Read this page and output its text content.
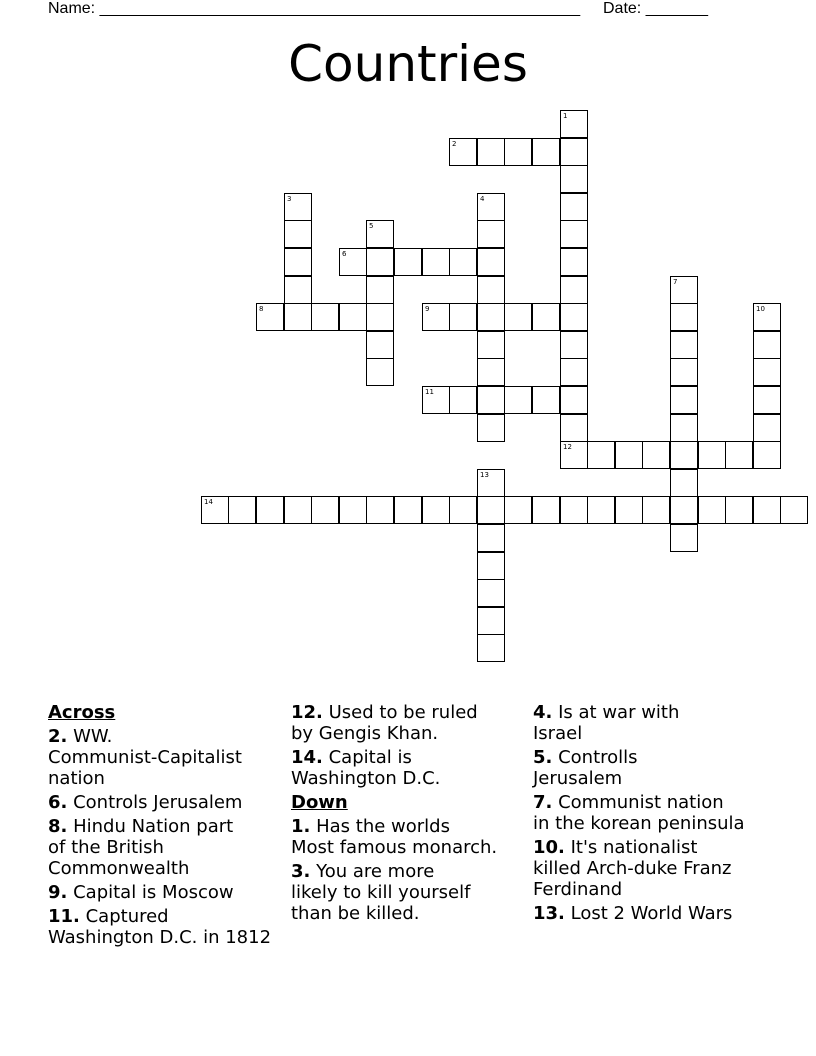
Name: ______________________________________________________ Date: _______
Countries
1
2
3	4
5
6
7
8	9	10
11
12
13
14
Across
2. WW.
Communist-Capitalist
nation
6. Controls Jerusalem
8. Hindu Nation part
of the British
Commonwealth
9. Capital is Moscow
11. Captured
Washington D.C. in 1812
12. Used to be ruled
by Gengis Khan.
14. Capital is
Washington D.C.
Down
1. Has the worlds
Most famous monarch.
3. You are more
likely to kill yourself
than be killed.
4. Is at war with
Israel
5. Controlls
Jerusalem
7. Communist nation
in the korean peninsula
10. It's nationalist
killed Arch-duke Franz
Ferdinand
13. Lost 2 World Wars
